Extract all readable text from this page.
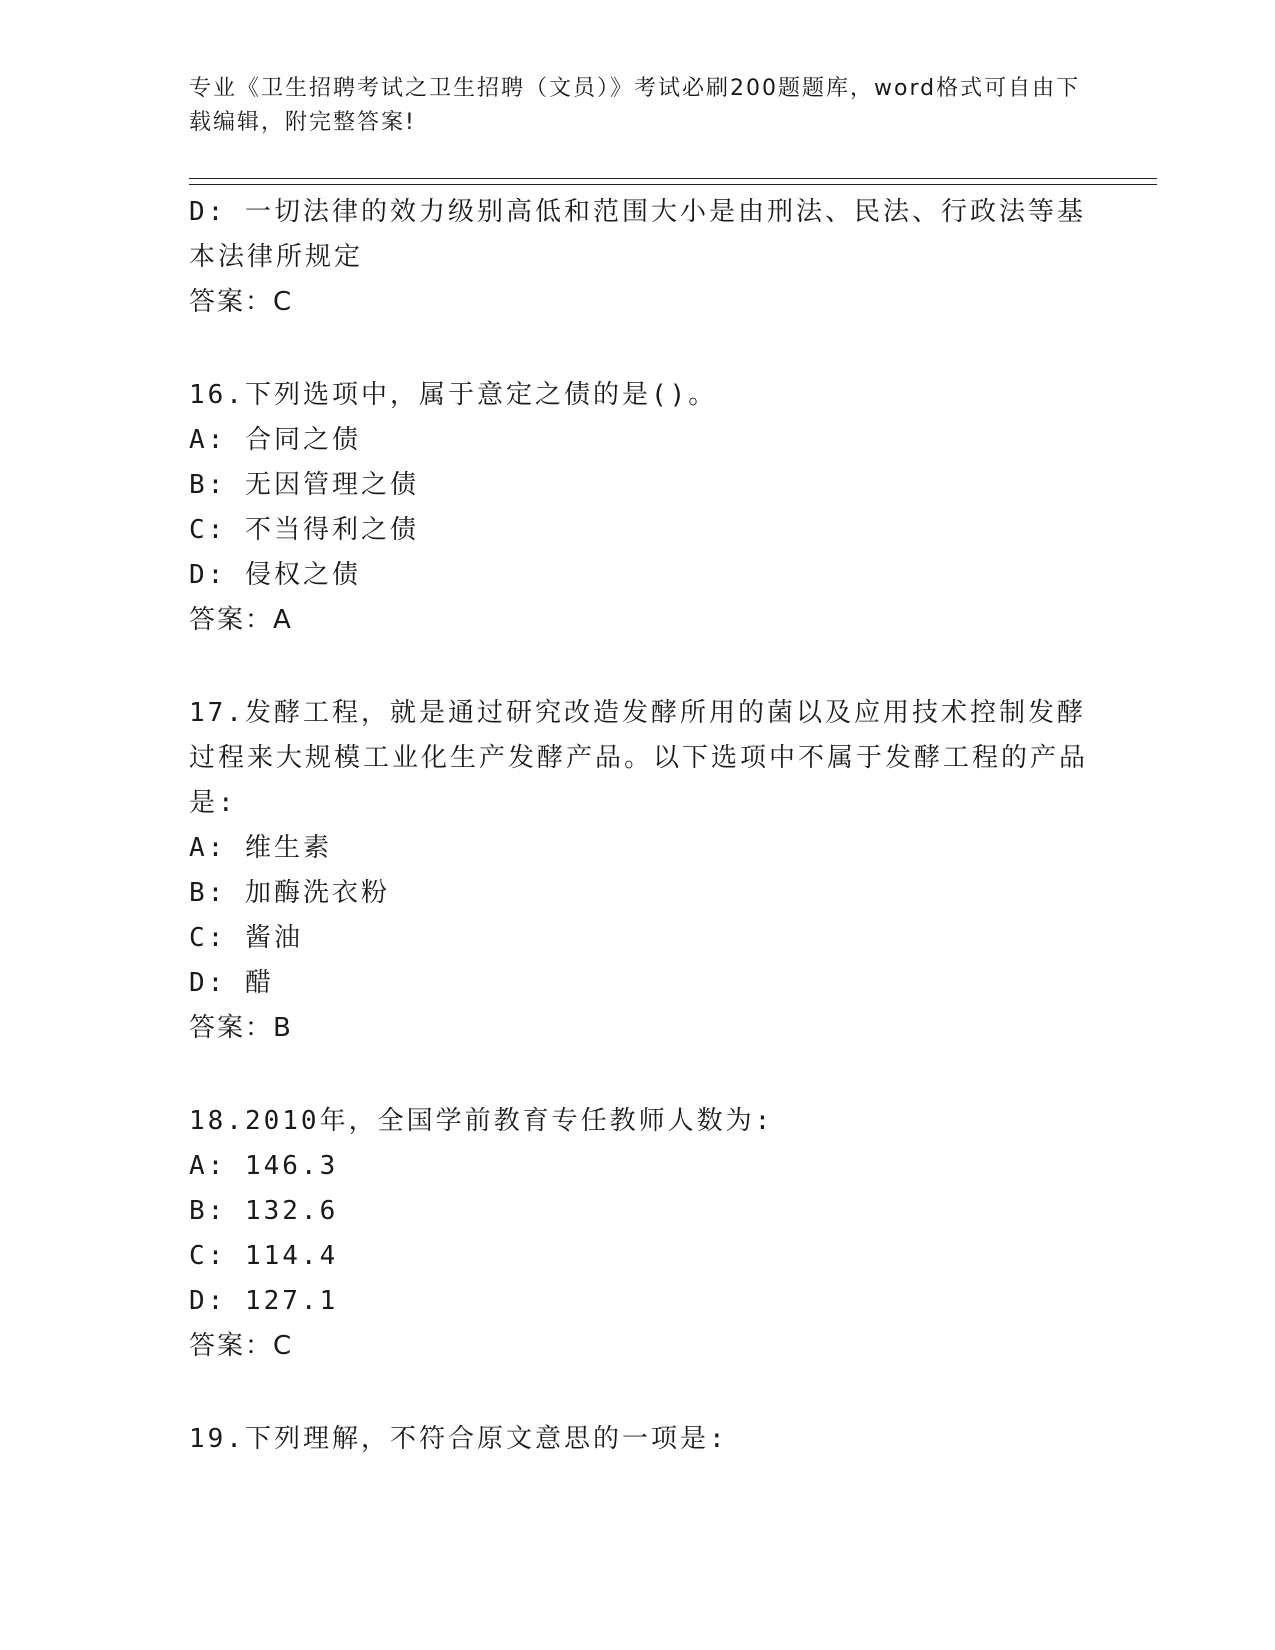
专业《卫生招聘考试之卫生招聘（文员）》考试必刷200题题库，word格式可自由下载编辑，附完整答案!
D: 一切法律的效力级别高低和范围大小是由刑法、民法、行政法等基本法律所规定
答案：C
16.下列选项中，属于意定之债的是()。
A: 合同之债
B: 无因管理之债
C: 不当得利之债
D: 侵权之债
答案：A
17.发酵工程，就是通过研究改造发酵所用的菌以及应用技术控制发酵过程来大规模工业化生产发酵产品。以下选项中不属于发酵工程的产品是:
A: 维生素
B: 加酶洗衣粉
C: 酱油
D: 醋
答案：B
18.2010年，全国学前教育专任教师人数为:
A: 146.3
B: 132.6
C: 114.4
D: 127.1
答案：C
19.下列理解，不符合原文意思的一项是:
